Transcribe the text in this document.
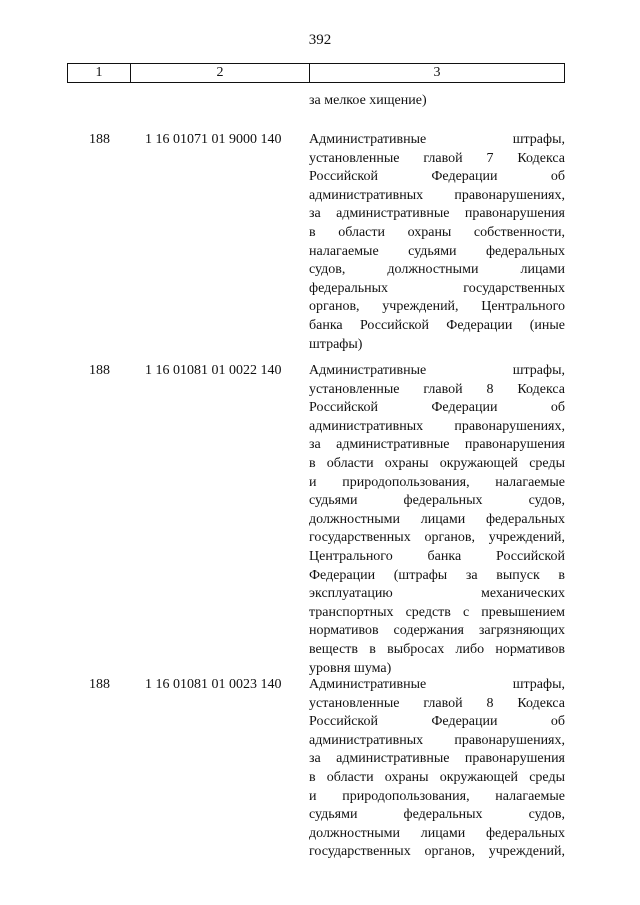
392
1	2	3
за мелкое хищение)
188	1 16 01071 01 9000 140 Административные штрафы,
установленные главой 7 Кодекса
Российской Федерации об
административных правонарушениях,
за административные правонарушения
в области охраны собственности,
налагаемые судьями федеральных
судов, должностными лицами
федеральных государственных
органов, учреждений, Центрального
банка Российской Федерации (иные
штрафы)
188	1 16 01081 01 0022 140 Административные штрафы,
установленные главой 8 Кодекса
Российской Федерации об
административных правонарушениях,
за административные правонарушения
в области охраны окружающей среды
и природопользования, налагаемые
судьями федеральных судов,
должностными лицами федеральных
государственных органов, учреждений,
Центрального банка Российской
Федерации (штрафы за выпуск в
эксплуатацию механических
транспортных средств с превышением
нормативов содержания загрязняющих
веществ в выбросах либо нормативов
уровня шума)
188	1 16 01081 01 0023 140 Административные штрафы,
установленные главой 8 Кодекса
Российской Федерации об
административных правонарушениях,
за административные правонарушения
в области охраны окружающей среды
и природопользования, налагаемые
судьями федеральных судов,
должностными лицами федеральных
государственных органов, учреждений,
